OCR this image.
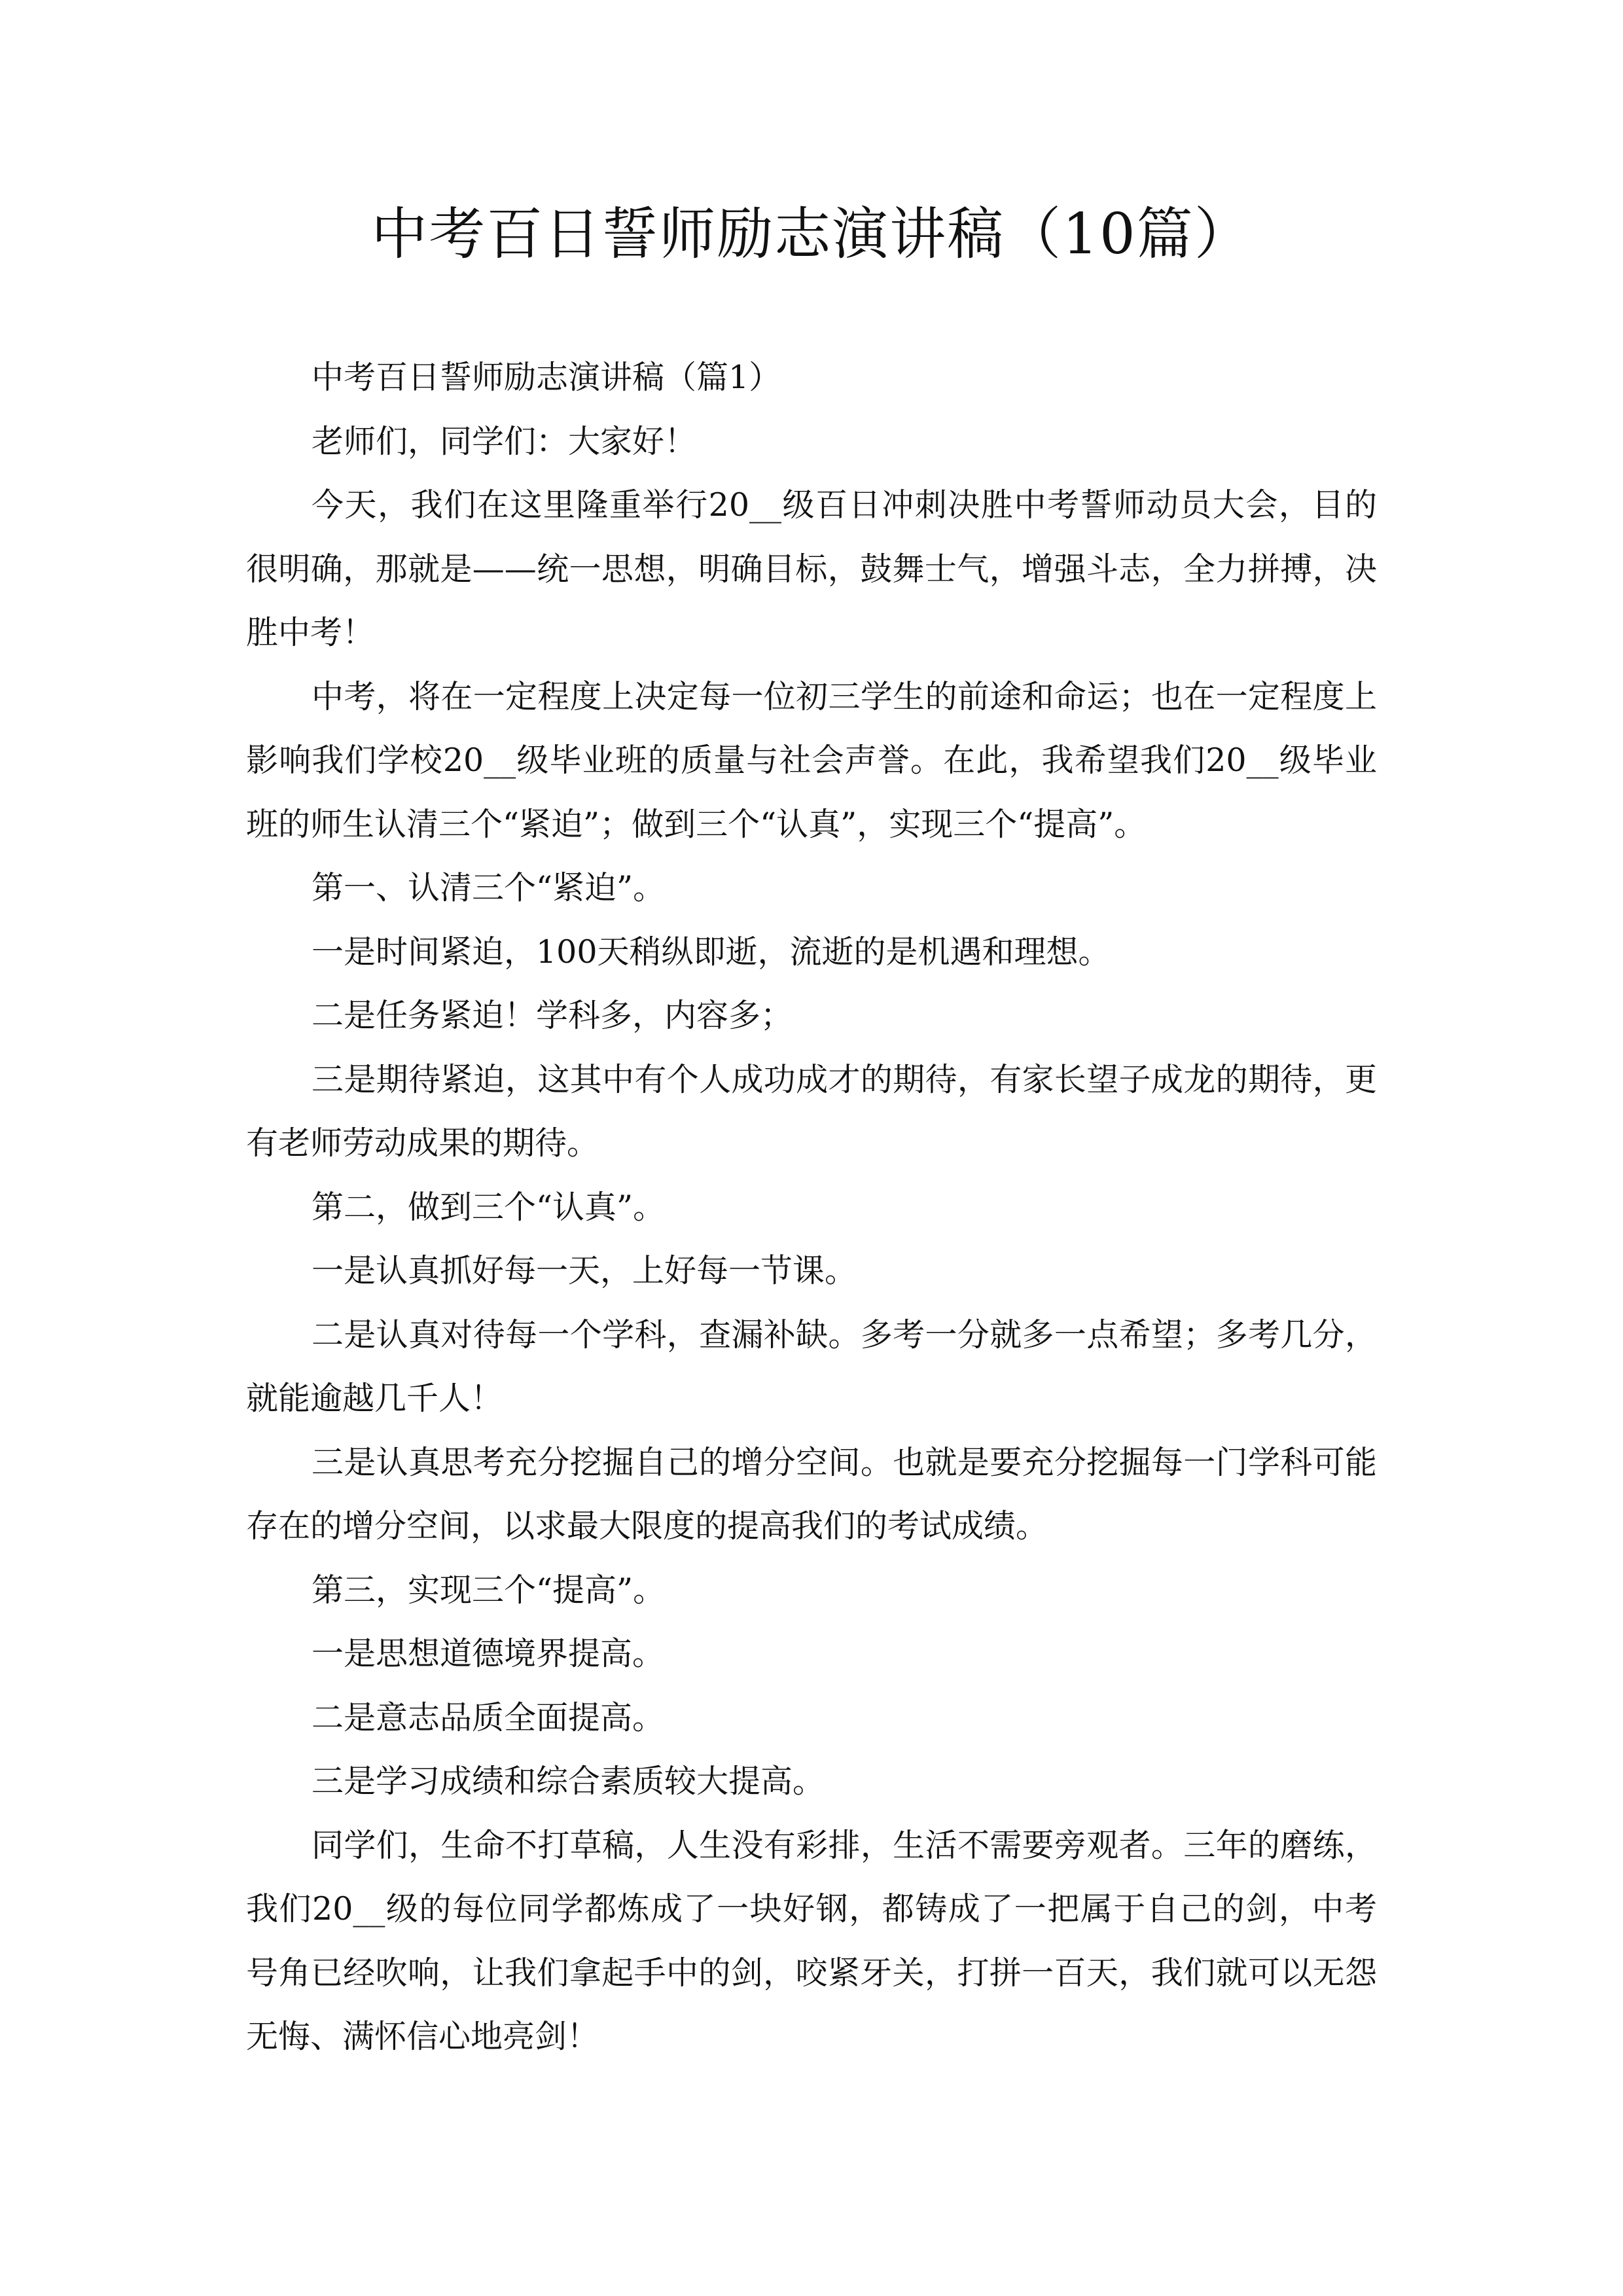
中考百日誓师励志演讲稿（10篇）
中考百日誓师励志演讲稿（篇1）
老师们，同学们：大家好！
今天，我们在这里隆重举行20__级百日冲刺决胜中考誓师动员大会，目的
很明确，那就是——统一思想，明确目标，鼓舞士气，增强斗志，全力拼搏，决
胜中考！
中考，将在一定程度上决定每一位初三学生的前途和命运；也在一定程度上
影响我们学校20__级毕业班的质量与社会声誉。在此，我希望我们20__级毕业
班的师生认清三个“紧迫”；做到三个“认真”，实现三个“提高”。
第一、认清三个“紧迫”。
一是时间紧迫，100天稍纵即逝，流逝的是机遇和理想。
二是任务紧迫！学科多，内容多；
三是期待紧迫，这其中有个人成功成才的期待，有家长望子成龙的期待，更
有老师劳动成果的期待。
第二，做到三个“认真”。
一是认真抓好每一天，上好每一节课。
二是认真对待每一个学科，查漏补缺。多考一分就多一点希望；多考几分，
就能逾越几千人！
三是认真思考充分挖掘自己的增分空间。也就是要充分挖掘每一门学科可能
存在的增分空间，以求最大限度的提高我们的考试成绩。
第三，实现三个“提高”。
一是思想道德境界提高。
二是意志品质全面提高。
三是学习成绩和综合素质较大提高。
同学们，生命不打草稿，人生没有彩排，生活不需要旁观者。三年的磨练，
我们20__级的每位同学都炼成了一块好钢，都铸成了一把属于自己的剑，中考
号角已经吹响，让我们拿起手中的剑，咬紧牙关，打拼一百天，我们就可以无怨
无悔、满怀信心地亮剑！
